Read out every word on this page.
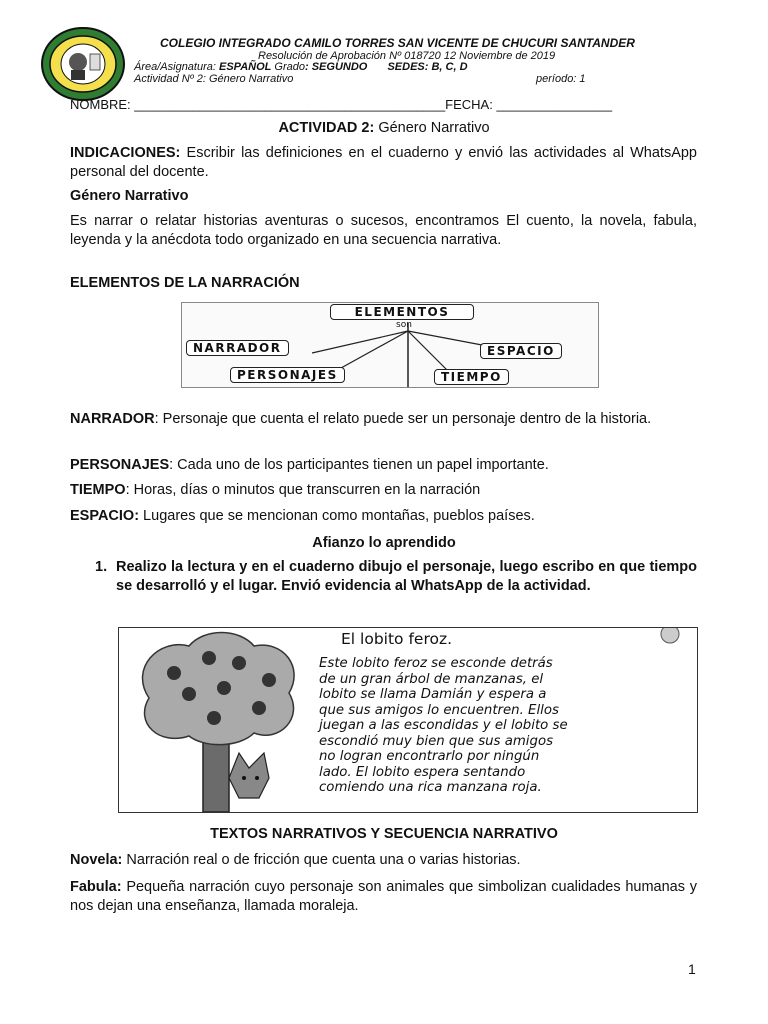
COLEGIO INTEGRADO CAMILO TORRES SAN VICENTE DE CHUCURI SANTANDER
Resolución de Aprobación Nº 018720 12 Noviembre de 2019
Área/Asignatura: ESPAÑOL Grado: SEGUNDO SEDES: B, C, D
Actividad Nº 2: Género Narrativo	período: 1
NOMBRE: ___________________________________________FECHA: ________________
ACTIVIDAD 2: Género Narrativo
INDICACIONES: Escribir las definiciones en el cuaderno y envió las actividades al WhatsApp personal del docente.
Género Narrativo
Es narrar o relatar historias aventuras o sucesos, encontramos El cuento, la novela, fabula, leyenda y la anécdota todo organizado en una secuencia narrativa.
ELEMENTOS DE LA NARRACIÓN
ELEMENTOS
son
NARRADOR	ESPACIO
PERSONAJES	TIEMPO
NARRADOR: Personaje que cuenta el relato puede ser un personaje dentro de la historia.
PERSONAJES: Cada uno de los participantes tienen un papel importante.
TIEMPO: Horas, días o minutos que transcurren en la narración
ESPACIO: Lugares que se mencionan como montañas, pueblos países.
Afianzo lo aprendido
1. Realizo la lectura y en el cuaderno dibujo el personaje, luego escribo en que tiempo se desarrolló y el lugar. Envió evidencia al WhatsApp de la actividad.
El lobito feroz.
Este lobito feroz se esconde detrás
de un gran árbol de manzanas, el
lobito se llama Damián y espera a
que sus amigos lo encuentren. Ellos
juegan a las escondidas y el lobito se
escondió muy bien que sus amigos
no logran encontrarlo por ningún
lado. El lobito espera sentando
comiendo una rica manzana roja.
TEXTOS NARRATIVOS Y SECUENCIA NARRATIVO
Novela: Narración real o de fricción que cuenta una o varias historias.
Fabula: Pequeña narración cuyo personaje son animales que simbolizan cualidades humanas y nos dejan una enseñanza, llamada moraleja.
1
